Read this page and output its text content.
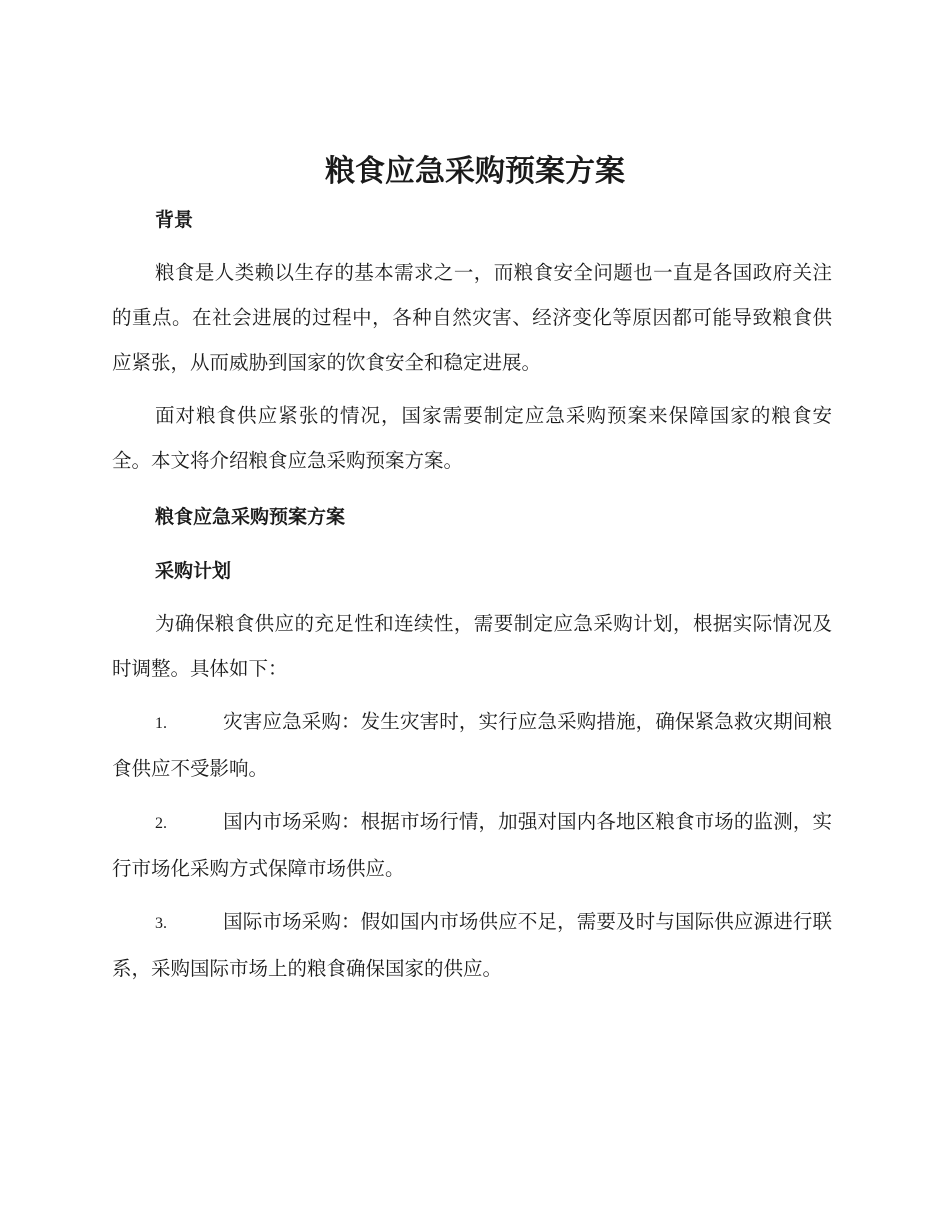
粮食应急采购预案方案

背景

粮食是人类赖以生存的基本需求之一，而粮食安全问题也一直是各国政府关注的重点。在社会进展的过程中，各种自然灾害、经济变化等原因都可能导致粮食供应紧张，从而威胁到国家的饮食安全和稳定进展。

面对粮食供应紧张的情况，国家需要制定应急采购预案来保障国家的粮食安全。本文将介绍粮食应急采购预案方案。

粮食应急采购预案方案

采购计划

为确保粮食供应的充足性和连续性，需要制定应急采购计划，根据实际情况及时调整。具体如下：

1.	灾害应急采购：发生灾害时，实行应急采购措施，确保紧急救灾期间粮食供应不受影响。

2.	国内市场采购：根据市场行情，加强对国内各地区粮食市场的监测，实行市场化采购方式保障市场供应。

3.	国际市场采购：假如国内市场供应不足，需要及时与国际供应源进行联系，采购国际市场上的粮食确保国家的供应。
